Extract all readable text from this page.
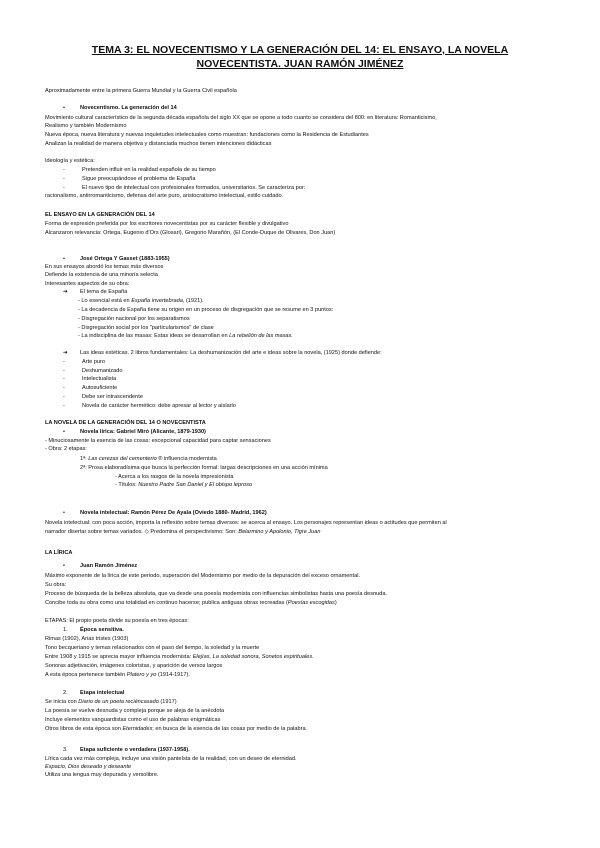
TEMA 3: EL NOVECENTISMO Y LA GENERACIÓN DEL 14: EL ENSAYO, LA NOVELA
NOVECENTISTA. JUAN RAMÓN JIMÉNEZ
Aproximadamente entre la primera Guerra Mundial y la Guerra Civil española
•	Novecentismo. La generación del 14
Movimiento cultural característico de la segunda década española del siglo XX que se opone a todo cuanto se considera del 800: en literatura: Romanticismo,
Realismo y también Modernismo
Nueva época, nueva literatura y nuevas inquietudes intelectuales como muestran: fundaciones como la Residencia de Estudiantes
Analizan la realidad de manera objetiva y distanciada muchos tienen intenciones didácticas
Ideología y estética:
-	Pretenden influir en la realidad española de su tiempo
-	Sigue preocupándose el problema de España
-	El nuevo tipo de intelectual con profesionales formados, universitarios. Se caracteriza por:
racionalismo, antirromanticismo, defensa del arte puro, aristocratismo intelectual, estilo cuidado.
EL ENSAYO EN LA GENERACIÓN DEL 14
Forma de expresión preferida por los escritores novecentistas por su carácter flexible y divulgativo
Alcanzaron relevancia: Ortega, Eugenio d'Ors (Glosari), Gregorio Marañón, (El Conde-Duque de Olivares, Don Juan)
•	José Ortega Y Gasset (1883-1955)
En sus ensayos abordó los temas más diversos
Defiende la existencia de una minoría selecta
Interesantes aspectos de su obra:
➔ El tema de España
- Lo esencial está en España invertebrada, (1921).
- La decadencia de España tiene su origen en un proceso de disgregación que se resume en 3 puntos:
- Disgregación nacional por los separatismos
- Disgregación social por los "particularismos" de clase
- La indisciplina de las masas: Estas ideas se desarrollan en La rebelión de las masas.
➔ Las ideas estéticas. 2 libros fundamentales: La deshumanización del arte e ideas sobre la novela, (1925) donde defiende:
-	Arte puro
-	Deshumanizado
-	Intelectualista
-	Autosuficiente
-	Debe ser intrascendente
-	Novela de carácter hermético: debe apresar al lector y aislarlo
LA NOVELA DE LA GENERACIÓN DEL 14 O NOVECENTISTA
•	Novela lírica: Gabriel Miró (Alicante, 1879-1930)
- Minuciosamente la esencia de las cosas: excepcional capacidad para captar sensaciones
- Obra: 2 etapas:
1ª: Las cerezas del cementerio ® influencia modernista
2ª: Prosa elaboradísima que busca la perfección formal: largas descripciones en una acción mínima
- Acerca a los rasgos de la novela impresionista
- Títulos: Nuestro Padre San Daniel y El obispo leproso
•	Novela intelectual: Ramón Pérez De Ayala (Oviedo 1880- Madrid, 1962)
Novela intelectual: con poca acción, importa la reflexión sobre temas diversos: se acerca al ensayo. Los personajes representan ideas o actitudes que permiten al
narrador disertar sobre temas variados. ◇ Predomina el perspectivismo: Son: Belarmino y Apolonio, Tigre Juan
LA LÍRICA
•	Juan Ramón Jiménez
Máximo exponente de la lírica de este periodo, superación del Modernismo por medio de la depuración del exceso ornamental.
Su obra:
Proceso de búsqueda de la belleza absoluta, que va desde una poesía modernista con influencias simbolistas hasta una poesía desnuda.
Concibe toda su obra como una totalidad en continuo hacerse; publica antiguas obras recreadas (Poesías escogidas)
ETAPAS: El propio poeta divide su poesía en tres épocas:
1. Época sensitiva.
Rimas (1902), Arias tristes (1903)
Tono becqueriano y temas relacionados con el paso del tiempo, la soledad y la muerte
Entre 1908 y 1915 se aprecia mayor influencia modernista: Elejías, La soledad sonora, Sonetos espirituales.
Sonoras adjetivación, imágenes coloristas, y aparición de versos largos
A esta época pertenece también Platero y yo (1914-1917).
2. Etapa intelectual
Se inicia con Diario de un poeta reciéncasado (1917)
La poesía se vuelve desnuda y compleja porque se aleja de la anécdota
Incluye elementos vanguardistas como el uso de palabras enigmáticas
Otros libros de esta época son Eternidades; en busca de la esencia de las cosas por medio de la palabra.
3. Etapa suficiente o verdadera (1937-1958).
Lírica cada vez más compleja, incluye una visión panteísta de la realidad, con un deseo de eternidad.
Espacio, Dios deseado y deseante
Utiliza una lengua muy depurada y versolibre.
